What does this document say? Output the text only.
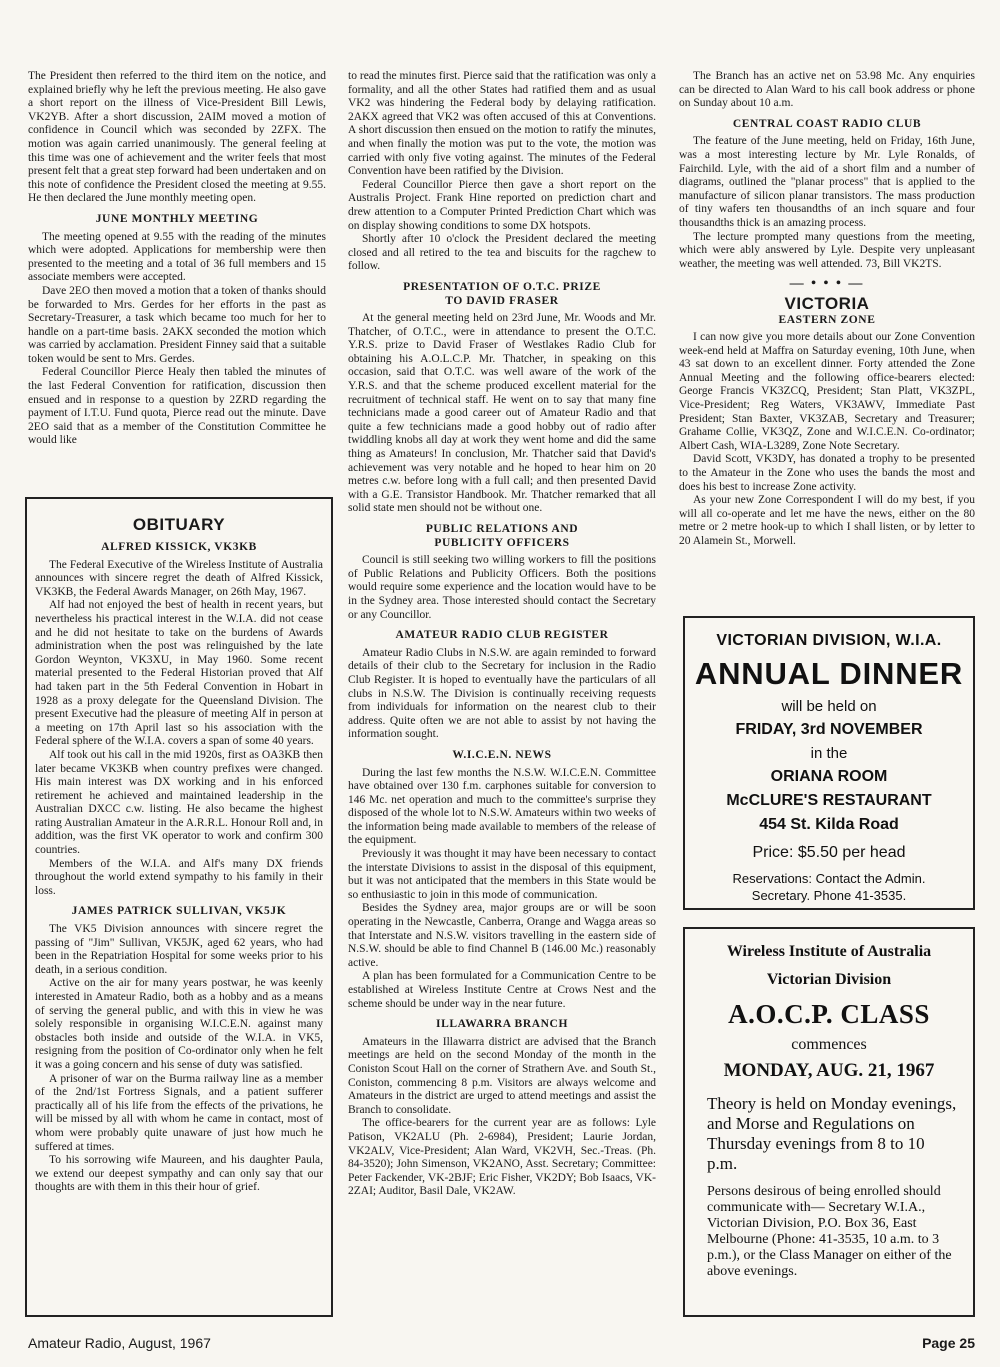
The President then referred to the third item on the notice, and explained briefly why he left the previous meeting. He also gave a short report on the illness of Vice-President Bill Lewis, VK2YB. After a short discussion, 2AIM moved a motion of confidence in Council which was seconded by 2ZFX. The motion was again carried unanimously. The general feeling at this time was one of achievement and the writer feels that most present felt that a great step forward had been undertaken and on this note of confidence the President closed the meeting at 9.55. He then declared the June monthly meeting open.

JUNE MONTHLY MEETING

The meeting opened at 9.55 with the reading of the minutes which were adopted. Applications for membership were then presented to the meeting and a total of 36 full members and 15 associate members were accepted.

Dave 2EO then moved a motion that a token of thanks should be forwarded to Mrs. Gerdes for her efforts in the past as Secretary-Treasurer, a task which became too much for her to handle on a part-time basis. 2AKX seconded the motion which was carried by acclamation. President Finney said that a suitable token would be sent to Mrs. Gerdes.

Federal Councillor Pierce Healy then tabled the minutes of the last Federal Convention for ratification, discussion then ensued and in response to a question by 2ZRD regarding the payment of I.T.U. Fund quota, Pierce read out the minute. Dave 2EO said that as a member of the Constitution Committee he would like

OBITUARY
ALFRED KISSICK, VK3KB

The Federal Executive of the Wireless Institute of Australia announces with sincere regret the death of Alfred Kissick, VK3KB, the Federal Awards Manager, on 26th May, 1967.

Alf had not enjoyed the best of health in recent years, but nevertheless his practical interest in the W.I.A. did not cease and he did not hesitate to take on the burdens of Awards administration when the post was relinguished by the late Gordon Weynton, VK3XU, in May 1960. Some recent material presented to the Federal Historian proved that Alf had taken part in the 5th Federal Convention in Hobart in 1928 as a proxy delegate for the Queensland Division. The present Executive had the pleasure of meeting Alf in person at a meeting on 17th April last so his association with the Federal sphere of the W.I.A. covers a span of some 40 years.

Alf took out his call in the mid 1920s, first as OA3KB then later became VK3KB when country prefixes were changed. His main interest was DX working and in his enforced retirement he achieved and maintained leadership in the Australian DXCC c.w. listing. He also became the highest rating Australian Amateur in the A.R.R.L. Honour Roll and, in addition, was the first VK operator to work and confirm 300 countries.

Members of the W.I.A. and Alf's many DX friends throughout the world extend sympathy to his family in their loss.

JAMES PATRICK SULLIVAN, VK5JK

The VK5 Division announces with sincere regret the passing of "Jim" Sullivan, VK5JK, aged 62 years, who had been in the Repatriation Hospital for some weeks prior to his death, in a serious condition.

Active on the air for many years postwar, he was keenly interested in Amateur Radio, both as a hobby and as a means of serving the general public, and with this in view he was solely responsible in organising W.I.C.E.N. against many obstacles both inside and outside of the W.I.A. in VK5, resigning from the position of Co-ordinator only when he felt it was a going concern and his sense of duty was satisfied.

A prisoner of war on the Burma railway line as a member of the 2nd/1st Fortress Signals, and a patient sufferer practically all of his life from the effects of the privations, he will be missed by all with whom he came in contact, most of whom were probably quite unaware of just how much he suffered at times.

To his sorrowing wife Maureen, and his daughter Paula, we extend our deepest sympathy and can only say that our thoughts are with them in this their hour of grief.

to read the minutes first. Pierce said that the ratification was only a formality, and all the other States had ratified them and as usual VK2 was hindering the Federal body by delaying ratification. 2AKX agreed that VK2 was often accused of this at Conventions. A short discussion then ensued on the motion to ratify the minutes, and when finally the motion was put to the vote, the motion was carried with only five voting against. The minutes of the Federal Convention have been ratified by the Division.

Federal Councillor Pierce then gave a short report on the Australis Project. Frank Hine reported on prediction chart and drew attention to a Computer Printed Prediction Chart which was on display showing conditions to some DX hotspots.

Shortly after 10 o'clock the President declared the meeting closed and all retired to the tea and biscuits for the ragchew to follow.

PRESENTATION OF O.T.C. PRIZE
TO DAVID FRASER

At the general meeting held on 23rd June, Mr. Woods and Mr. Thatcher, of O.T.C., were in attendance to present the O.T.C. Y.R.S. prize to David Fraser of Westlakes Radio Club for obtaining his A.O.L.C.P. Mr. Thatcher, in speaking on this occasion, said that O.T.C. was well aware of the work of the Y.R.S. and that the scheme produced excellent material for the recruitment of technical staff. He went on to say that many fine technicians made a good career out of Amateur Radio and that quite a few technicians made a good hobby out of radio after twiddling knobs all day at work they went home and did the same thing as Amateurs! In conclusion, Mr. Thatcher said that David's achievement was very notable and he hoped to hear him on 20 metres c.w. before long with a full call; and then presented David with a G.E. Transistor Handbook. Mr. Thatcher remarked that all solid state men should not be without one.

PUBLIC RELATIONS AND
PUBLICITY OFFICERS

Council is still seeking two willing workers to fill the positions of Public Relations and Publicity Officers. Both the positions would require some experience and the location would have to be in the Sydney area. Those interested should contact the Secretary or any Councillor.

AMATEUR RADIO CLUB REGISTER

Amateur Radio Clubs in N.S.W. are again reminded to forward details of their club to the Secretary for inclusion in the Radio Club Register. It is hoped to eventually have the particulars of all clubs in N.S.W. The Division is continually receiving requests from individuals for information on the nearest club to their address. Quite often we are not able to assist by not having the information sought.

W.I.C.E.N. NEWS

During the last few months the N.S.W. W.I.C.E.N. Committee have obtained over 130 f.m. carphones suitable for conversion to 146 Mc. net operation and much to the committee's surprise they disposed of the whole lot to N.S.W. Amateurs within two weeks of the information being made available to members of the release of the equipment.

Previously it was thought it may have been necessary to contact the interstate Divisions to assist in the disposal of this equipment, but it was not anticipated that the members in this State would be so enthusiastic to join in this mode of communication.

Besides the Sydney area, major groups are or will be soon operating in the Newcastle, Canberra, Orange and Wagga areas so that Interstate and N.S.W. visitors travelling in the eastern side of N.S.W. should be able to find Channel B (146.00 Mc.) reasonably active.

A plan has been formulated for a Communication Centre to be established at Wireless Institute Centre at Crows Nest and the scheme should be under way in the near future.

ILLAWARRA BRANCH

Amateurs in the Illawarra district are advised that the Branch meetings are held on the second Monday of the month in the Coniston Scout Hall on the corner of Strathern Ave. and South St., Coniston, commencing 8 p.m. Visitors are always welcome and Amateurs in the district are urged to attend meetings and assist the Branch to consolidate.

The office-bearers for the current year are as follows: Lyle Patison, VK2ALU (Ph. 2-6984), President; Laurie Jordan, VK2ALV, Vice-President; Alan Ward, VK2VH, Sec.-Treas. (Ph. 84-3520); John Simenson, VK2ANO, Asst. Secretary; Committee: Peter Fackender, VK-2BJF; Eric Fisher, VK2DY; Bob Isaacs, VK-2ZAI; Auditor, Basil Dale, VK2AW.

The Branch has an active net on 53.98 Mc. Any enquiries can be directed to Alan Ward to his call book address or phone on Sunday about 10 a.m.

CENTRAL COAST RADIO CLUB

The feature of the June meeting, held on Friday, 16th June, was a most interesting lecture by Mr. Lyle Ronalds, of Fairchild. Lyle, with the aid of a short film and a number of diagrams, outlined the "planar process" that is applied to the manufacture of silicon planar transistors. The mass production of tiny wafers ten thousandths of an inch square and four thousandths thick is an amazing process.

The lecture prompted many questions from the meeting, which were ably answered by Lyle. Despite very unpleasant weather, the meeting was well attended. 73, Bill VK2TS.

— • • • —
VICTORIA
EASTERN ZONE

I can now give you more details about our Zone Convention week-end held at Maffra on Saturday evening, 10th June, when 43 sat down to an excellent dinner. Forty attended the Zone Annual Meeting and the following office-bearers elected: George Francis VK3ZCQ, President; Stan Platt, VK3ZPL, Vice-President; Reg Waters, VK3AWV, Immediate Past President; Stan Baxter, VK3ZAB, Secretary and Treasurer; Grahame Collie, VK3QZ, Zone and W.I.C.E.N. Co-ordinator; Albert Cash, WIA-L3289, Zone Note Secretary.

David Scott, VK3DY, has donated a trophy to be presented to the Amateur in the Zone who uses the bands the most and does his best to increase Zone activity.

As your new Zone Correspondent I will do my best, if you will all co-operate and let me have the news, either on the 80 metre or 2 metre hook-up to which I shall listen, or by letter to 20 Alamein St., Morwell.

VICTORIAN DIVISION, W.I.A.
ANNUAL DINNER
will be held on
FRIDAY, 3rd NOVEMBER
in the
ORIANA ROOM
McCLURE'S RESTAURANT
454 St. Kilda Road
Price: $5.50 per head
Reservations: Contact the Admin. Secretary. Phone 41-3535.
Wireless Institute of Australia
Victorian Division
A.O.C.P. CLASS
commences
MONDAY, AUG. 21, 1967
Theory is held on Monday evenings, and Morse and Regulations on Thursday evenings from 8 to 10 p.m.
Persons desirous of being enrolled should communicate with— Secretary W.I.A., Victorian Division, P.O. Box 36, East Melbourne (Phone: 41-3535, 10 a.m. to 3 p.m.), or the Class Manager on either of the above evenings.
Amateur Radio, August, 1967	Page 25
